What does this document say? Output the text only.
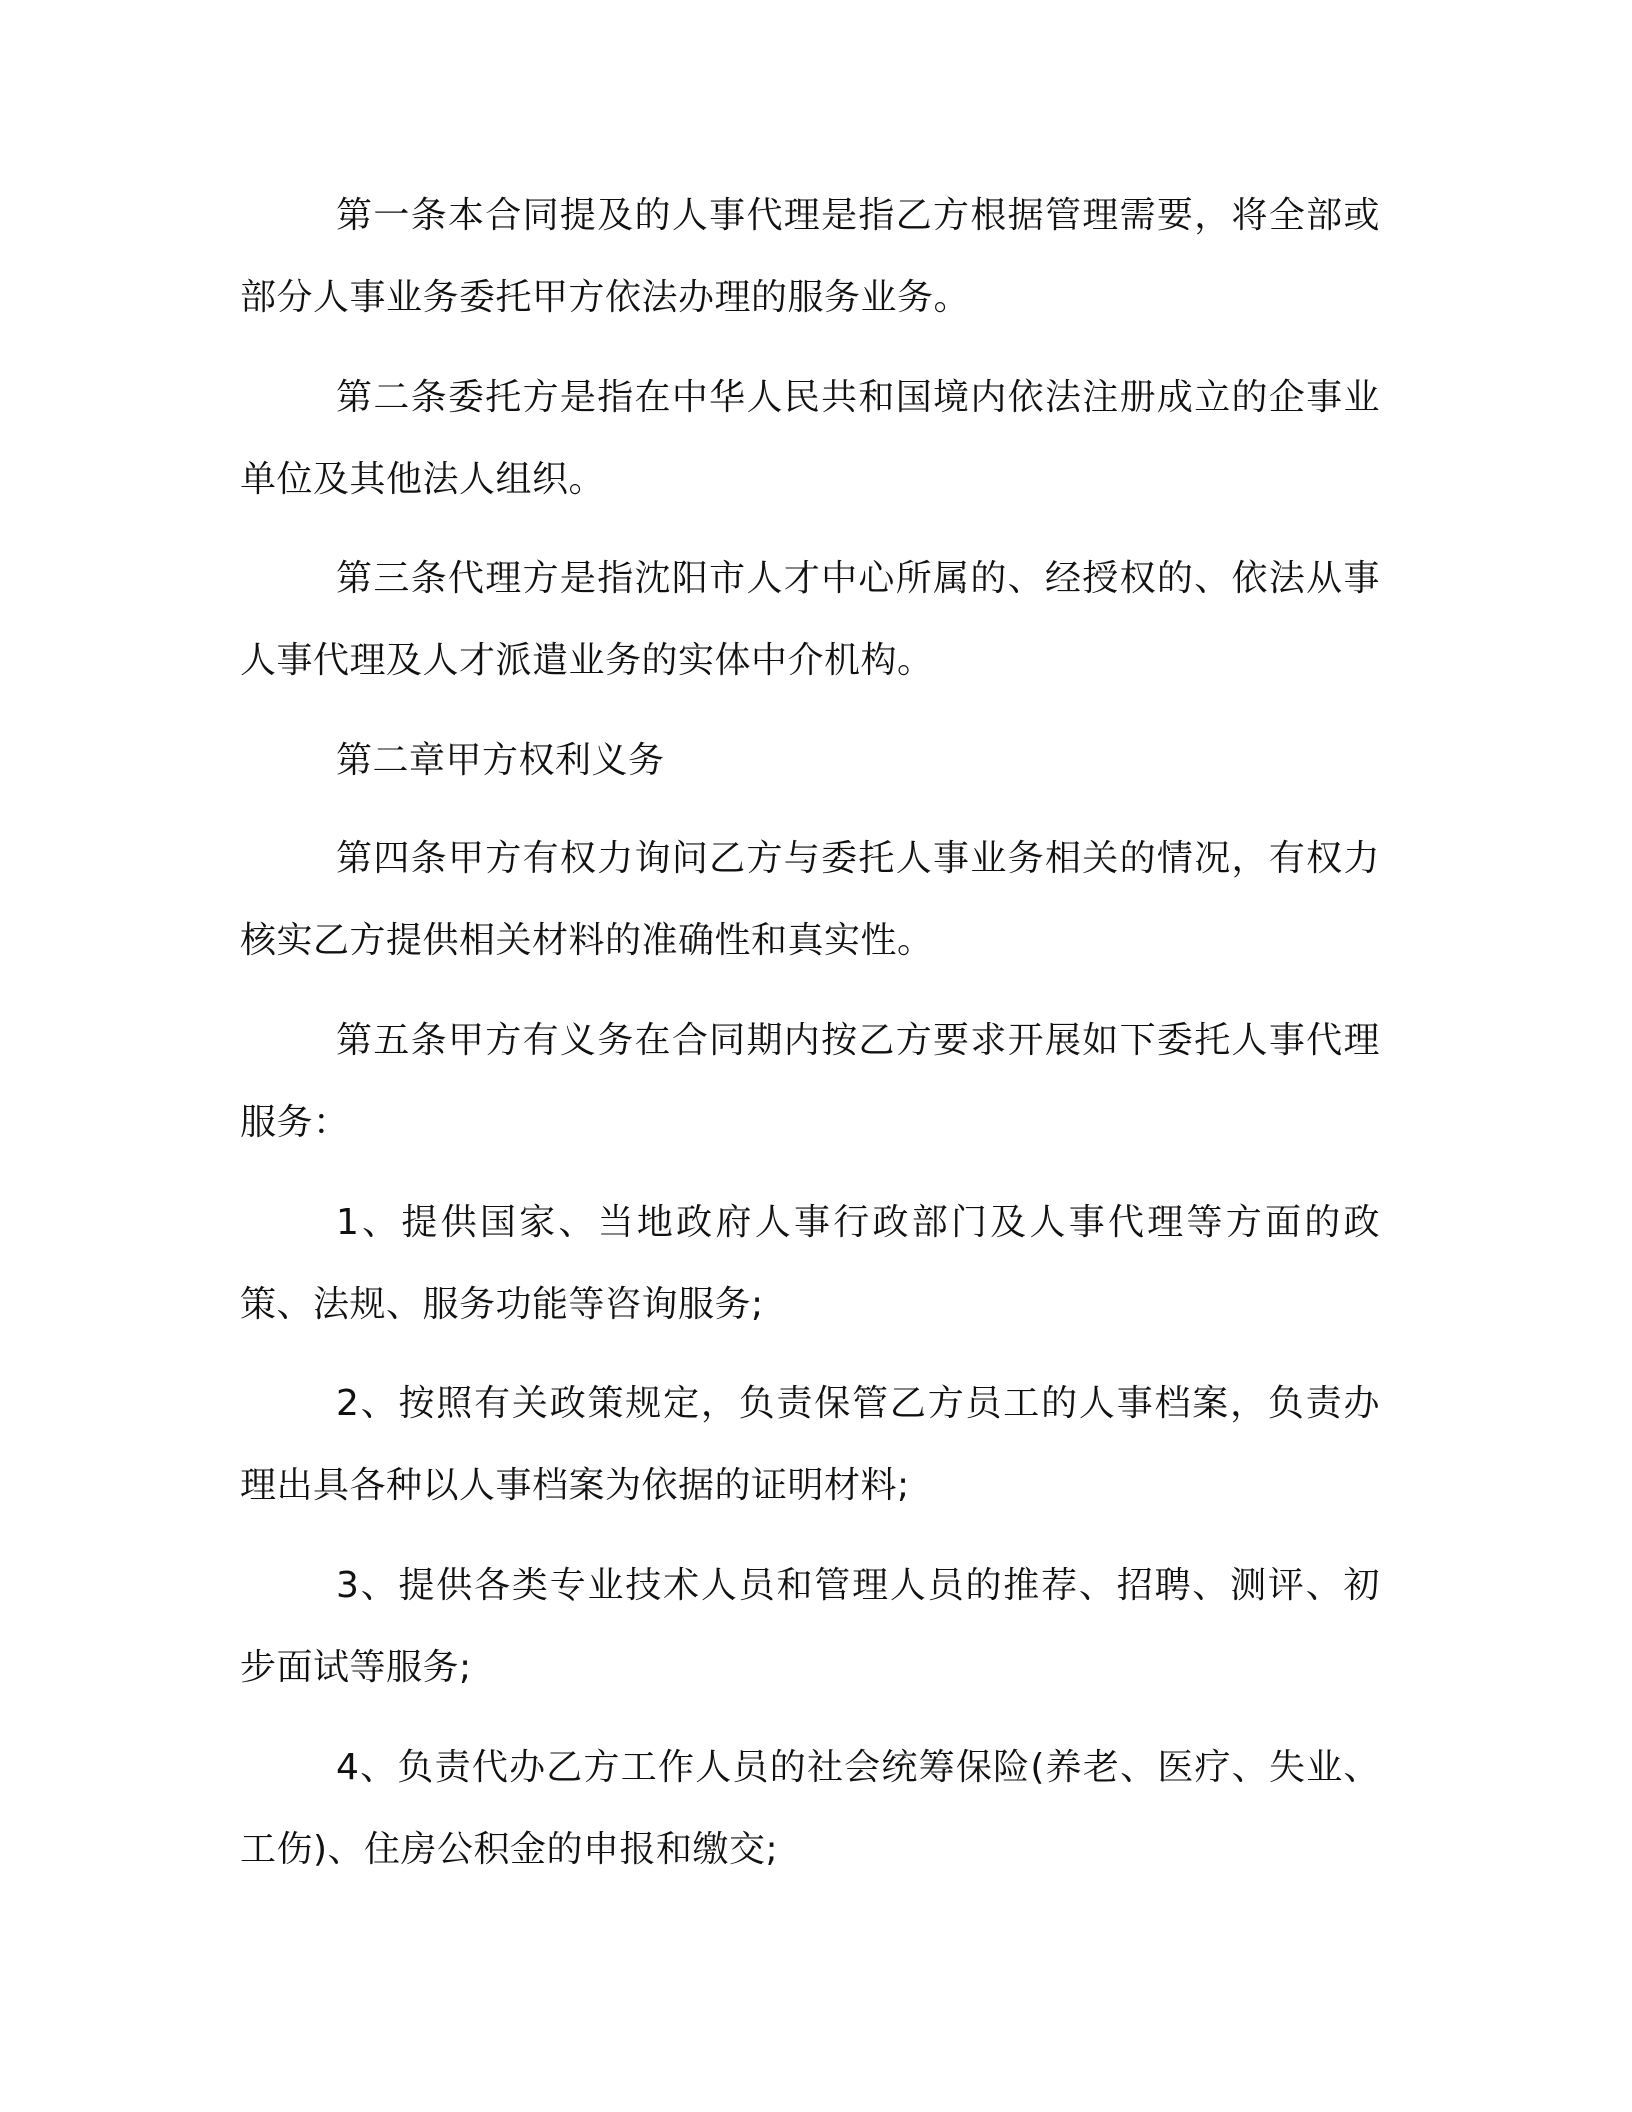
第一条本合同提及的人事代理是指乙方根据管理需要，将全部或部分人事业务委托甲方依法办理的服务业务。

第二条委托方是指在中华人民共和国境内依法注册成立的企事业单位及其他法人组织。

第三条代理方是指沈阳市人才中心所属的、经授权的、依法从事人事代理及人才派遣业务的实体中介机构。

第二章甲方权利义务

第四条甲方有权力询问乙方与委托人事业务相关的情况，有权力核实乙方提供相关材料的准确性和真实性。

第五条甲方有义务在合同期内按乙方要求开展如下委托人事代理服务：

1、提供国家、当地政府人事行政部门及人事代理等方面的政策、法规、服务功能等咨询服务;

2、按照有关政策规定，负责保管乙方员工的人事档案，负责办理出具各种以人事档案为依据的证明材料;

3、提供各类专业技术人员和管理人员的推荐、招聘、测评、初步面试等服务;

4、负责代办乙方工作人员的社会统筹保险(养老、医疗、失业、工伤)、住房公积金的申报和缴交;
